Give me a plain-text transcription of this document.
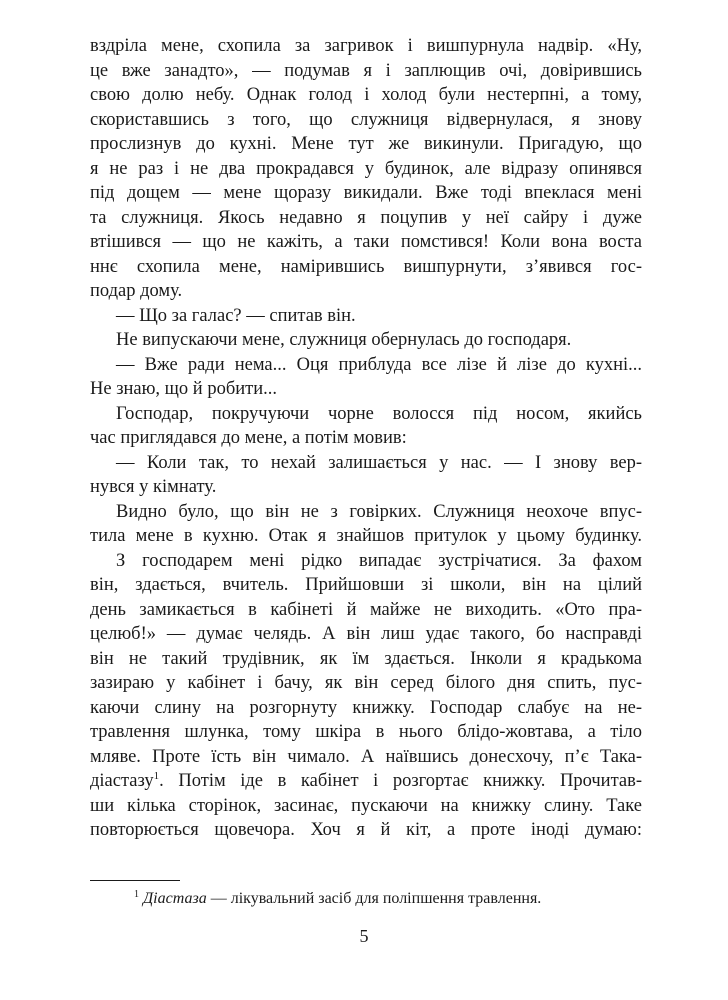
вздріла мене, схопила за загривок і вишпурнула надвір. «Ну,
це вже занадто», — подумав я і заплющив очі, довірившись
свою долю небу. Однак голод і холод були нестерпні, а тому,
скориставшись з того, що служниця відвернулася, я знову
прослизнув до кухні. Мене тут же викинули. Пригадую, що
я не раз і не два прокрадався у будинок, але відразу опинявся
під дощем — мене щоразу викидали. Вже тоді впеклася мені
та служниця. Якось недавно я поцупив у неї сайру і дуже
втішився — що не кажіть, а таки помстився! Коли вона воста
ннє схопила мене, намірившись вишпурнути, з’явився гос-
подар дому.
— Що за галас? — спитав він.
Не випускаючи мене, служниця обернулась до господаря.
— Вже ради нема... Оця приблуда все лізе й лізе до кухні...
Не знаю, що й робити...
Господар, покручуючи чорне волосся під носом, якийсь
час приглядався до мене, а потім мовив:
— Коли так, то нехай залишається у нас. — І знову вер-
нувся у кімнату.
Видно було, що він не з говірких. Служниця неохоче впус-
тила мене в кухню. Отак я знайшов притулок у цьому будинку.
З господарем мені рідко випадає зустрічатися. За фахом
він, здається, вчитель. Прийшовши зі школи, він на цілий
день замикається в кабінеті й майже не виходить. «Ото пра-
целюб!» — думає челядь. А він лиш удає такого, бо насправді
він не такий трудівник, як їм здається. Інколи я крадькома
зазираю у кабінет і бачу, як він серед білого дня спить, пус-
каючи слину на розгорнуту книжку. Господар слабує на не-
травлення шлунка, тому шкіра в нього блідо-жовтава, а тіло
мляве. Проте їсть він чимало. А наївшись донесхочу, п’є Така-
діастазу$^1$. Потім іде в кабінет і розгортає книжку. Прочитав-
ши кілька сторінок, засинає, пускаючи на книжку слину. Таке
повторюється щовечора. Хоч я й кіт, а проте іноді думаю:
$^1$ Діастаза — лікувальний засіб для поліпшення травлення.
5
